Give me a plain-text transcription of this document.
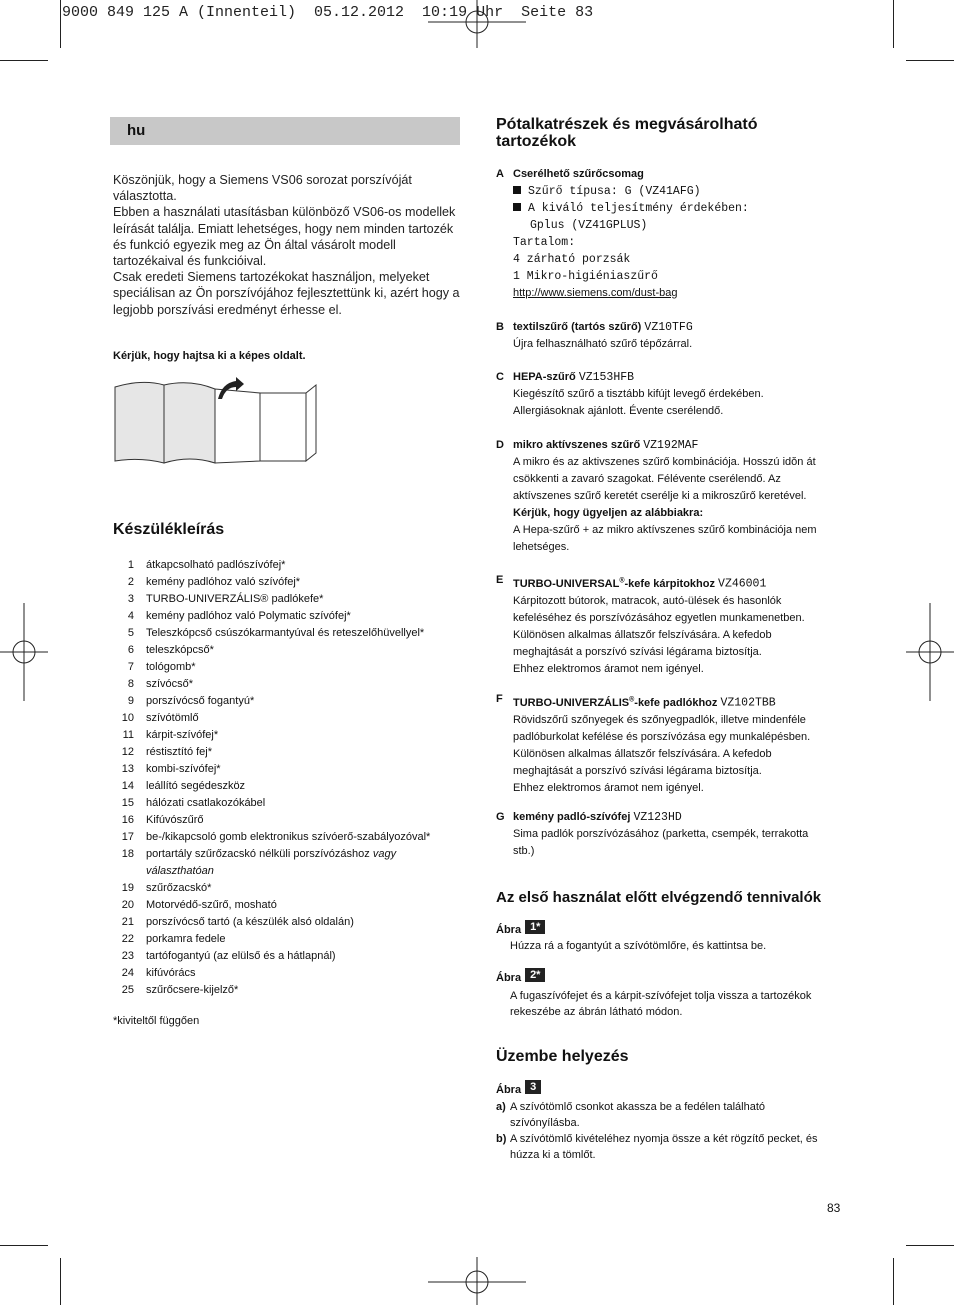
9000 849 125 A (Innenteil)  05.12.2012  10:19 Uhr  Seite 83
hu

Köszönjük, hogy a Siemens VS06 sorozat porszívóját választotta.

Ebben a használati utasításban különböző VS06-os modellek leírását találja. Emiatt lehetséges, hogy nem minden tartozék és funkció egyezik meg az Ön által vásárolt modell tartozékaival és funkcióival.

Csak eredeti Siemens tartozékokat használjon, melyeket speciálisan az Ön porszívójához fejlesztettünk ki, azért hogy a legjobb porszívási eredményt érhesse el.

Kérjük, hogy hajtsa ki a képes oldalt.
Készülékleírás
1 átkapcsolható padlószívófej*
2 kemény padlóhoz való szívófej*
3 TURBO-UNIVERZÁLIS® padlókefe*
4 kemény padlóhoz való Polymatic szívófej*
5 Teleszkópcső csúszókarmantyúval és reteszelőhüvellyel*
6 teleszkópcső*
7 tológomb*
8 szívócső*
9 porszívócső fogantyú*
10 szívótömlő
11 kárpit-szívófej*
12 réstisztító fej*
13 kombi-szívófej*
14 leállító segédeszköz
15 hálózati csatlakozókábel
16 Kifúvószűrő
17 be-/kikapcsoló gomb elektronikus szívóerő-szabályozóval*
18 portartály szűrőzacskó nélküli porszívózáshoz vagy választhatóan
19 szűrőzacskó*
20 Motorvédő-szűrő, mosható
21 porszívócső tartó (a készülék alsó oldalán)
22 porkamra fedele
23 tartófogantyú (az elülső és a hátlapnál)
24 kifúvórács
25 szűrőcsere-kijelző*
*kiviteltől függően
Pótalkatrészek és megvásárolható tartozékok
A Cserélhető szűrőcsomag
Szűrő típusa: G (VZ41AFG)
A kiváló teljesítmény érdekében:
Gplus (VZ41GPLUS)
Tartalom:
4 zárható porzsák
1 Mikro-higiéniaszűrő
http://www.siemens.com/dust-bag
B textilszűrő (tartós szűrő) VZ10TFG
Újra felhasználható szűrő tépőzárral.
C HEPA-szűrő VZ153HFB
Kiegészítő szűrő a tisztább kifújt levegő érdekében.
Allergiásoknak ajánlott. Évente cserélendő.
D mikro aktívszenes szűrő VZ192MAF
A mikro és az aktivszenes szűrő kombinációja. Hosszú idŏn át
csökkenti a zavaró szagokat. Félévente cserélendő. Az
aktívszenes szűrő keretét cserélje ki a mikroszűrő keretével.
Kérjük, hogy ügyeljen az alábbiakra:
A Hepa-szűrő + az mikro aktívszenes szűrő kombinációja nem
lehetséges.
E TURBO-UNIVERSAL®-kefe kárpitokhoz VZ46001
Kárpitozott bútorok, matracok, autó-ülések és hasonlók
kefeléséhez és porszívózásához egyetlen munkamenetben.
Különösen alkalmas állatszőr felszívására. A kefedob
meghajtását a porszívó szívási légárama biztosítja.
Ehhez elektromos áramot nem igényel.
F TURBO-UNIVERZÁLIS®-kefe padlókhoz VZ102TBB
Rövidszőrű szőnyegek és szőnyegpadlók, illetve mindenféle
padlóburkolat kefélése és porszívózása egy munkalépésben.
Különösen alkalmas állatszőr felszívására. A kefedob
meghajtását a porszívó szívási légárama biztosítja.
Ehhez elektromos áramot nem igényel.
G kemény padló-szívófej VZ123HD
Sima padlók porszívózásához (parketta, csempék, terrakotta
stb.)
Az első használat előtt elvégzendő tennivalók
Ábra 1*
Húzza rá a fogantyút a szívótömlőre, és kattintsa be.
Ábra 2*
A fugaszívófejet és a kárpit-szívófejet tolja vissza a tartozékok
rekeszébe az ábrán látható módon.
Üzembe helyezés
Ábra 3
a) A szívótömlő csonkot akassza be a fedélen található
szívónyílásba.
b) A szívótömlő kivételéhez nyomja össze a két rögzítő pecket, és
húzza ki a tömlőt.
83
